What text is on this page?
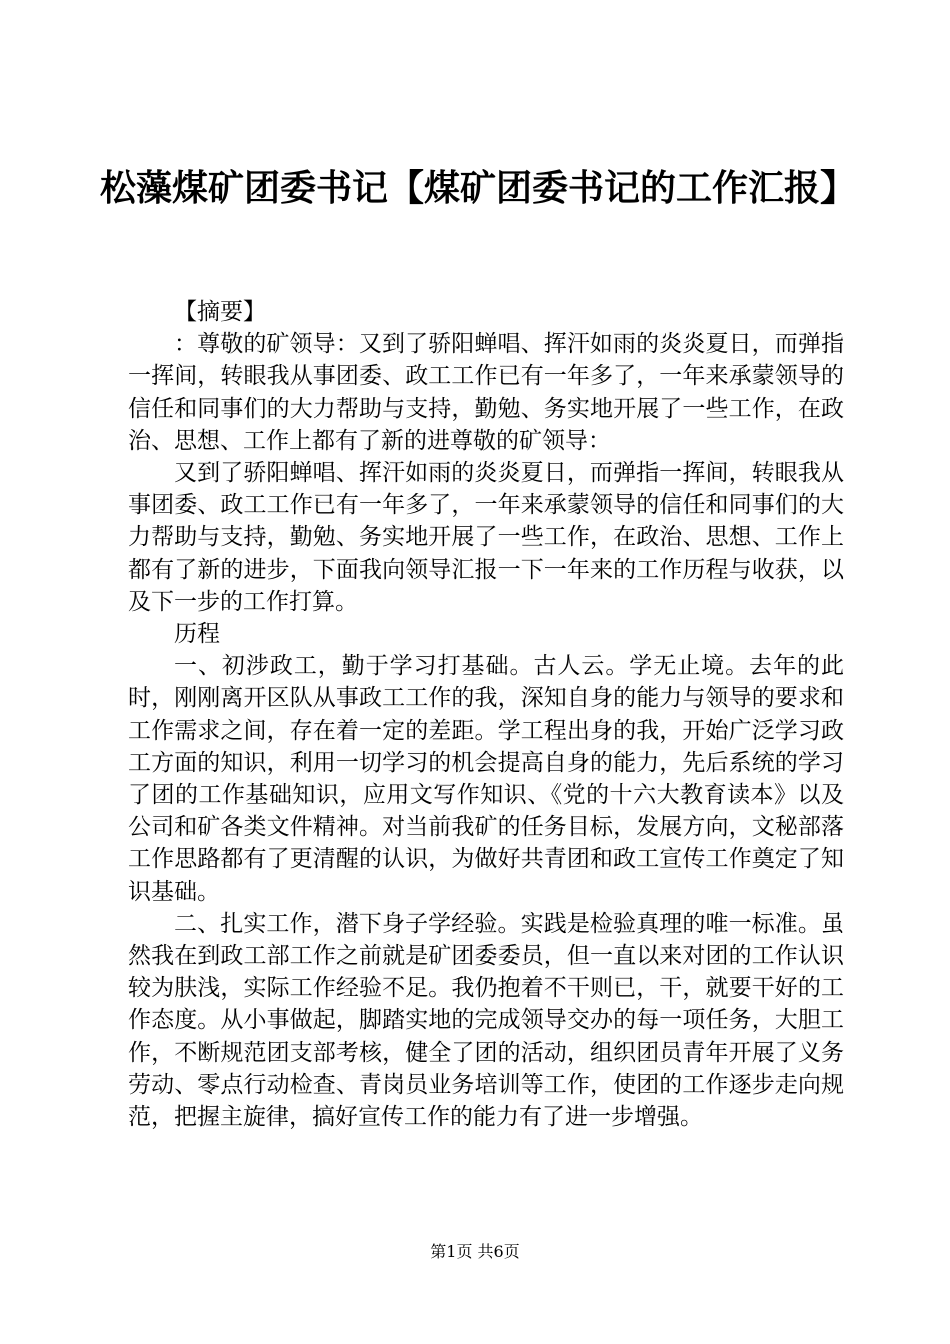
松藻煤矿团委书记【煤矿团委书记的工作汇报】

【摘要】

：尊敬的矿领导：又到了骄阳蝉唱、挥汗如雨的炎炎夏日，而弹指一挥间，转眼我从事团委、政工工作已有一年多了，一年来承蒙领导的信任和同事们的大力帮助与支持，勤勉、务实地开展了一些工作，在政治、思想、工作上都有了新的进尊敬的矿领导：

又到了骄阳蝉唱、挥汗如雨的炎炎夏日，而弹指一挥间，转眼我从事团委、政工工作已有一年多了，一年来承蒙领导的信任和同事们的大力帮助与支持，勤勉、务实地开展了一些工作，在政治、思想、工作上都有了新的进步，下面我向领导汇报一下一年来的工作历程与收获，以及下一步的工作打算。

历程

一、初涉政工，勤于学习打基础。古人云。学无止境。去年的此时，刚刚离开区队从事政工工作的我，深知自身的能力与领导的要求和工作需求之间，存在着一定的差距。学工程出身的我，开始广泛学习政工方面的知识，利用一切学习的机会提高自身的能力，先后系统的学习了团的工作基础知识，应用文写作知识、《党的十六大教育读本》以及公司和矿各类文件精神。对当前我矿的任务目标，发展方向，文秘部落工作思路都有了更清醒的认识，为做好共青团和政工宣传工作奠定了知识基础。

二、扎实工作，潜下身子学经验。实践是检验真理的唯一标准。虽然我在到政工部工作之前就是矿团委委员，但一直以来对团的工作认识较为肤浅，实际工作经验不足。我仍抱着不干则已，干，就要干好的工作态度。从小事做起，脚踏实地的完成领导交办的每一项任务，大胆工作，不断规范团支部考核，健全了团的活动，组织团员青年开展了义务劳动、零点行动检查、青岗员业务培训等工作，使团的工作逐步走向规范，把握主旋律，搞好宣传工作的能力有了进一步增强。

第1页 共6页
